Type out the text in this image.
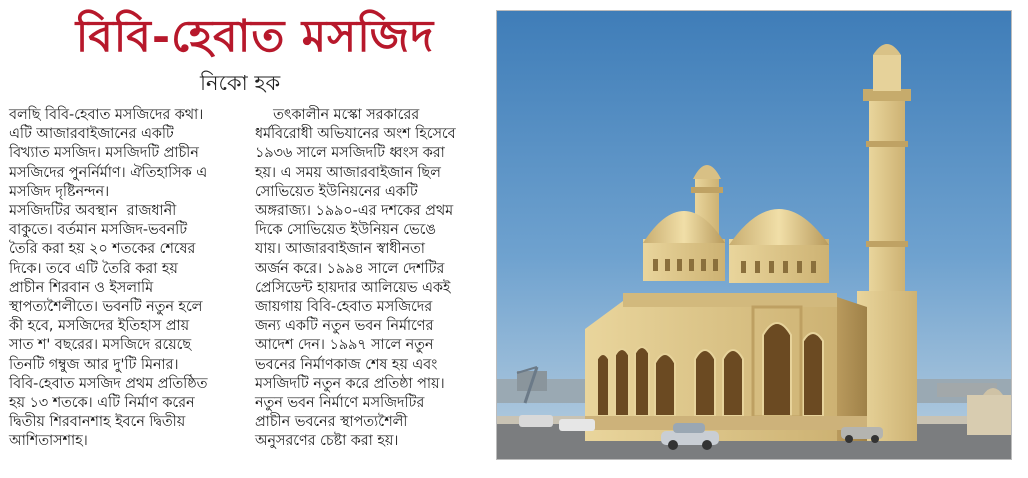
বিবি-হেবাত মসজিদ
নিকো হক

বলছি বিবি-হেবাত মসজিদের কথা।

এটি আজারবাইজানের একটি

বিখ্যাত মসজিদ। মসজিদটি প্রাচীন

মসজিদের পুনর্নির্মাণ। ঐতিহাসিক এ

মসজিদ দৃষ্টিনন্দন।

মসজিদটির অবস্থান  রাজধানী

বাকুতে। বর্তমান মসজিদ-ভবনটি

তৈরি করা হয় ২০ শতকের শেষের

দিকে। তবে এটি তৈরি করা হয়

প্রাচীন শিরবান ও ইসলামি

স্থাপত্যশৈলীতে। ভবনটি নতুন হলে

কী হবে, মসজিদের ইতিহাস প্রায়

সাত শ' বছরের। মসজিদে রয়েছে

তিনটি গম্বুজ আর দু'টি মিনার।

বিবি-হেবাত মসজিদ প্রথম প্রতিষ্ঠিত

হয় ১৩ শতকে। এটি নির্মাণ করেন

দ্বিতীয় শিরবানশাহ ইবনে দ্বিতীয়

আশিতাসশাহ।

তৎকালীন মস্কো সরকারের

ধর্মবিরোধী অভিযানের অংশ হিসেবে

১৯৩৬ সালে মসজিদটি ধ্বংস করা

হয়। এ সময় আজারবাইজান ছিল

সোভিয়েত ইউনিয়নের একটি

অঙ্গরাজ্য। ১৯৯০-এর দশকের প্রথম

দিকে সোভিয়েত ইউনিয়ন ভেঙে

যায়। আজারবাইজান স্বাধীনতা

অর্জন করে। ১৯৯৪ সালে দেশটির

প্রেসিডেন্ট হায়দার আলিয়েভ একই

জায়গায় বিবি-হেবাত মসজিদের

জন্য একটি নতুন ভবন নির্মাণের

আদেশ দেন। ১৯৯৭ সালে নতুন

ভবনের নির্মাণকাজ শেষ হয় এবং

মসজিদটি নতুন করে প্রতিষ্ঠা পায়।

নতুন ভবন নির্মাণে মসজিদটির

প্রাচীন ভবনের স্থাপত্যশৈলী

অনুসরণের চেষ্টা করা হয়।
